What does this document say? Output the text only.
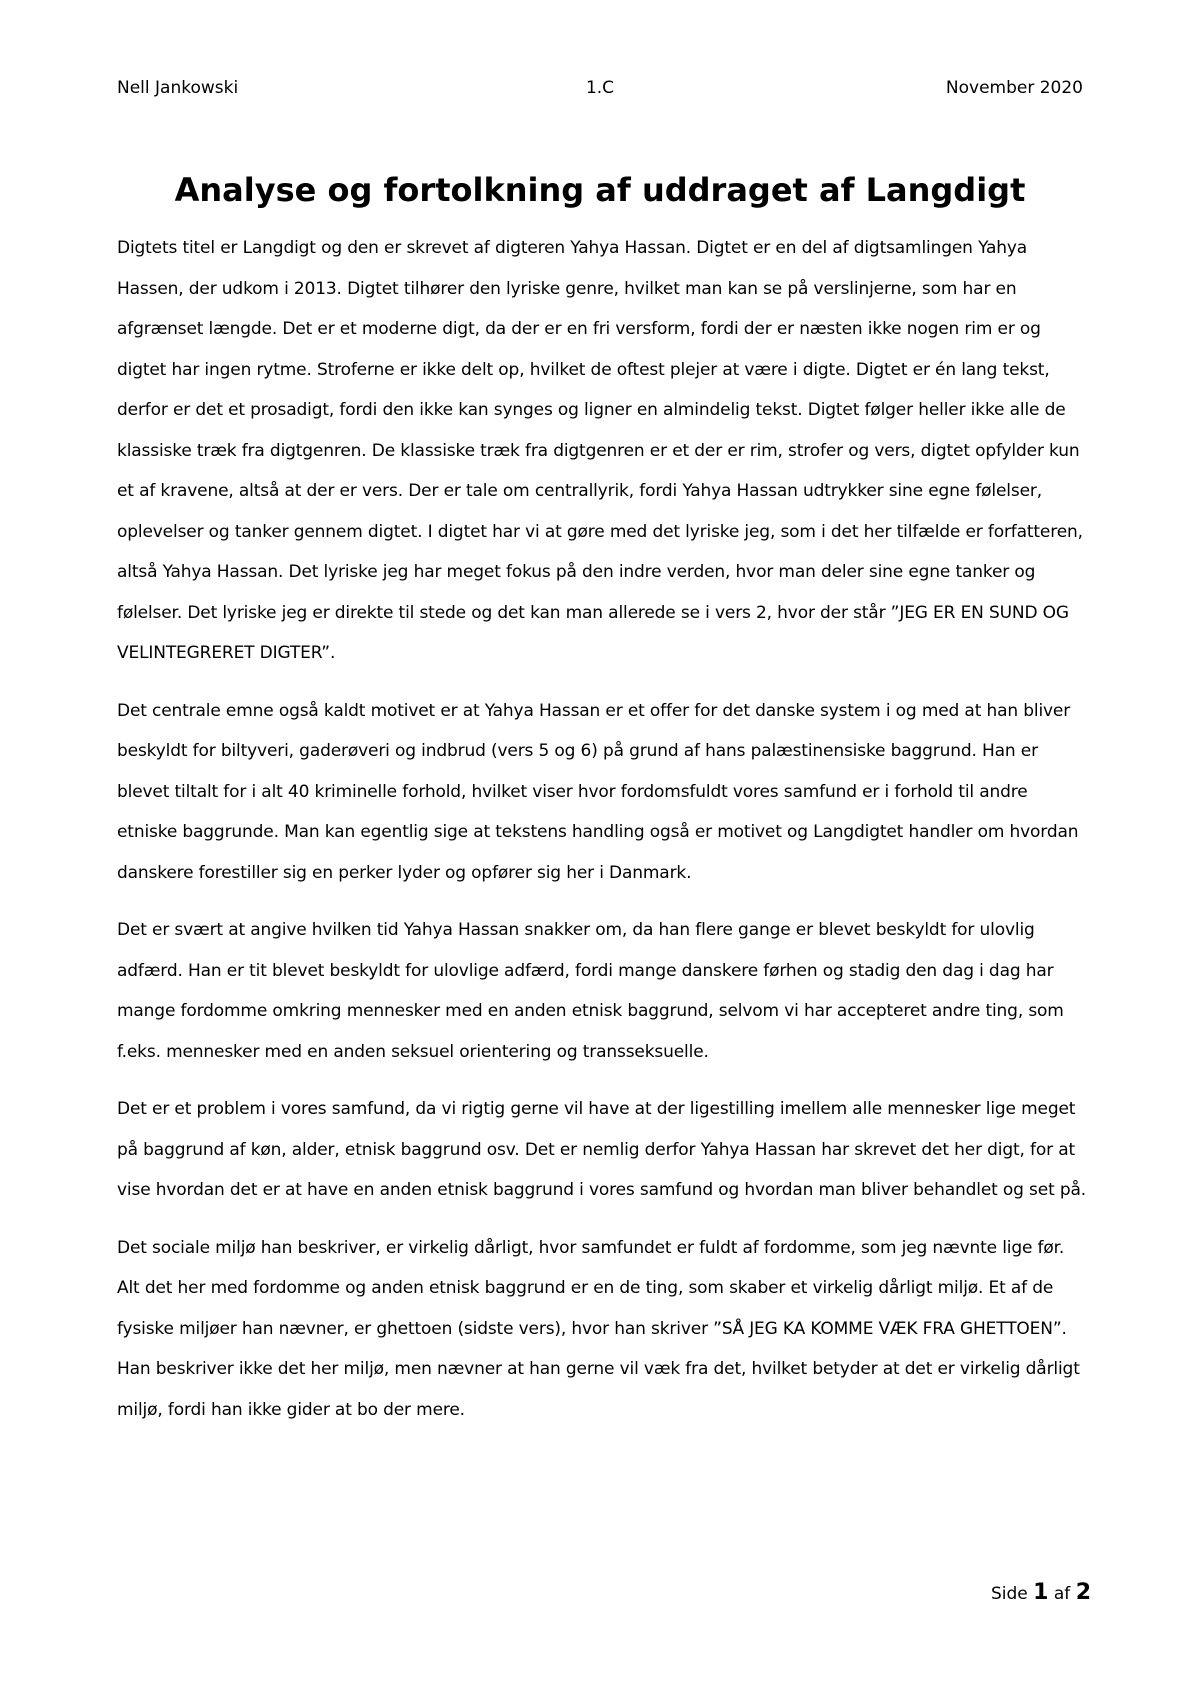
Nell Jankowski	1.C	November 2020
Analyse og fortolkning af uddraget af Langdigt

Digtets titel er Langdigt og den er skrevet af digteren Yahya Hassan. Digtet er en del af digtsamlingen Yahya Hassen, der udkom i 2013. Digtet tilhører den lyriske genre, hvilket man kan se på verslinjerne, som har en afgrænset længde. Det er et moderne digt, da der er en fri versform, fordi der er næsten ikke nogen rim er og digtet har ingen rytme. Stroferne er ikke delt op, hvilket de oftest plejer at være i digte. Digtet er én lang tekst, derfor er det et prosadigt, fordi den ikke kan synges og ligner en almindelig tekst. Digtet følger heller ikke alle de klassiske træk fra digtgenren. De klassiske træk fra digtgenren er et der er rim, strofer og vers, digtet opfylder kun et af kravene, altså at der er vers. Der er tale om centrallyrik, fordi Yahya Hassan udtrykker sine egne følelser, oplevelser og tanker gennem digtet. I digtet har vi at gøre med det lyriske jeg, som i det her tilfælde er forfatteren, altså Yahya Hassan. Det lyriske jeg har meget fokus på den indre verden, hvor man deler sine egne tanker og følelser. Det lyriske jeg er direkte til stede og det kan man allerede se i vers 2, hvor der står ”JEG ER EN SUND OG VELINTEGRERET DIGTER”.

Det centrale emne også kaldt motivet er at Yahya Hassan er et offer for det danske system i og med at han bliver beskyldt for biltyveri, gaderøveri og indbrud (vers 5 og 6) på grund af hans palæstinensiske baggrund. Han er blevet tiltalt for i alt 40 kriminelle forhold, hvilket viser hvor fordomsfuldt vores samfund er i forhold til andre etniske baggrunde. Man kan egentlig sige at tekstens handling også er motivet og Langdigtet handler om hvordan danskere forestiller sig en perker lyder og opfører sig her i Danmark.

Det er svært at angive hvilken tid Yahya Hassan snakker om, da han flere gange er blevet beskyldt for ulovlig adfærd. Han er tit blevet beskyldt for ulovlige adfærd, fordi mange danskere førhen og stadig den dag i dag har mange fordomme omkring mennesker med en anden etnisk baggrund, selvom vi har accepteret andre ting, som f.eks. mennesker med en anden seksuel orientering og transseksuelle.

Det er et problem i vores samfund, da vi rigtig gerne vil have at der ligestilling imellem alle mennesker lige meget på baggrund af køn, alder, etnisk baggrund osv. Det er nemlig derfor Yahya Hassan har skrevet det her digt, for at vise hvordan det er at have en anden etnisk baggrund i vores samfund og hvordan man bliver behandlet og set på.

Det sociale miljø han beskriver, er virkelig dårligt, hvor samfundet er fuldt af fordomme, som jeg nævnte lige før. Alt det her med fordomme og anden etnisk baggrund er en de ting, som skaber et virkelig dårligt miljø. Et af de fysiske miljøer han nævner, er ghettoen (sidste vers), hvor han skriver ”SÅ JEG KA KOMME VÆK FRA GHETTOEN”. Han beskriver ikke det her miljø, men nævner at han gerne vil væk fra det, hvilket betyder at det er virkelig dårligt miljø, fordi han ikke gider at bo der mere.

Side 1 af 2
